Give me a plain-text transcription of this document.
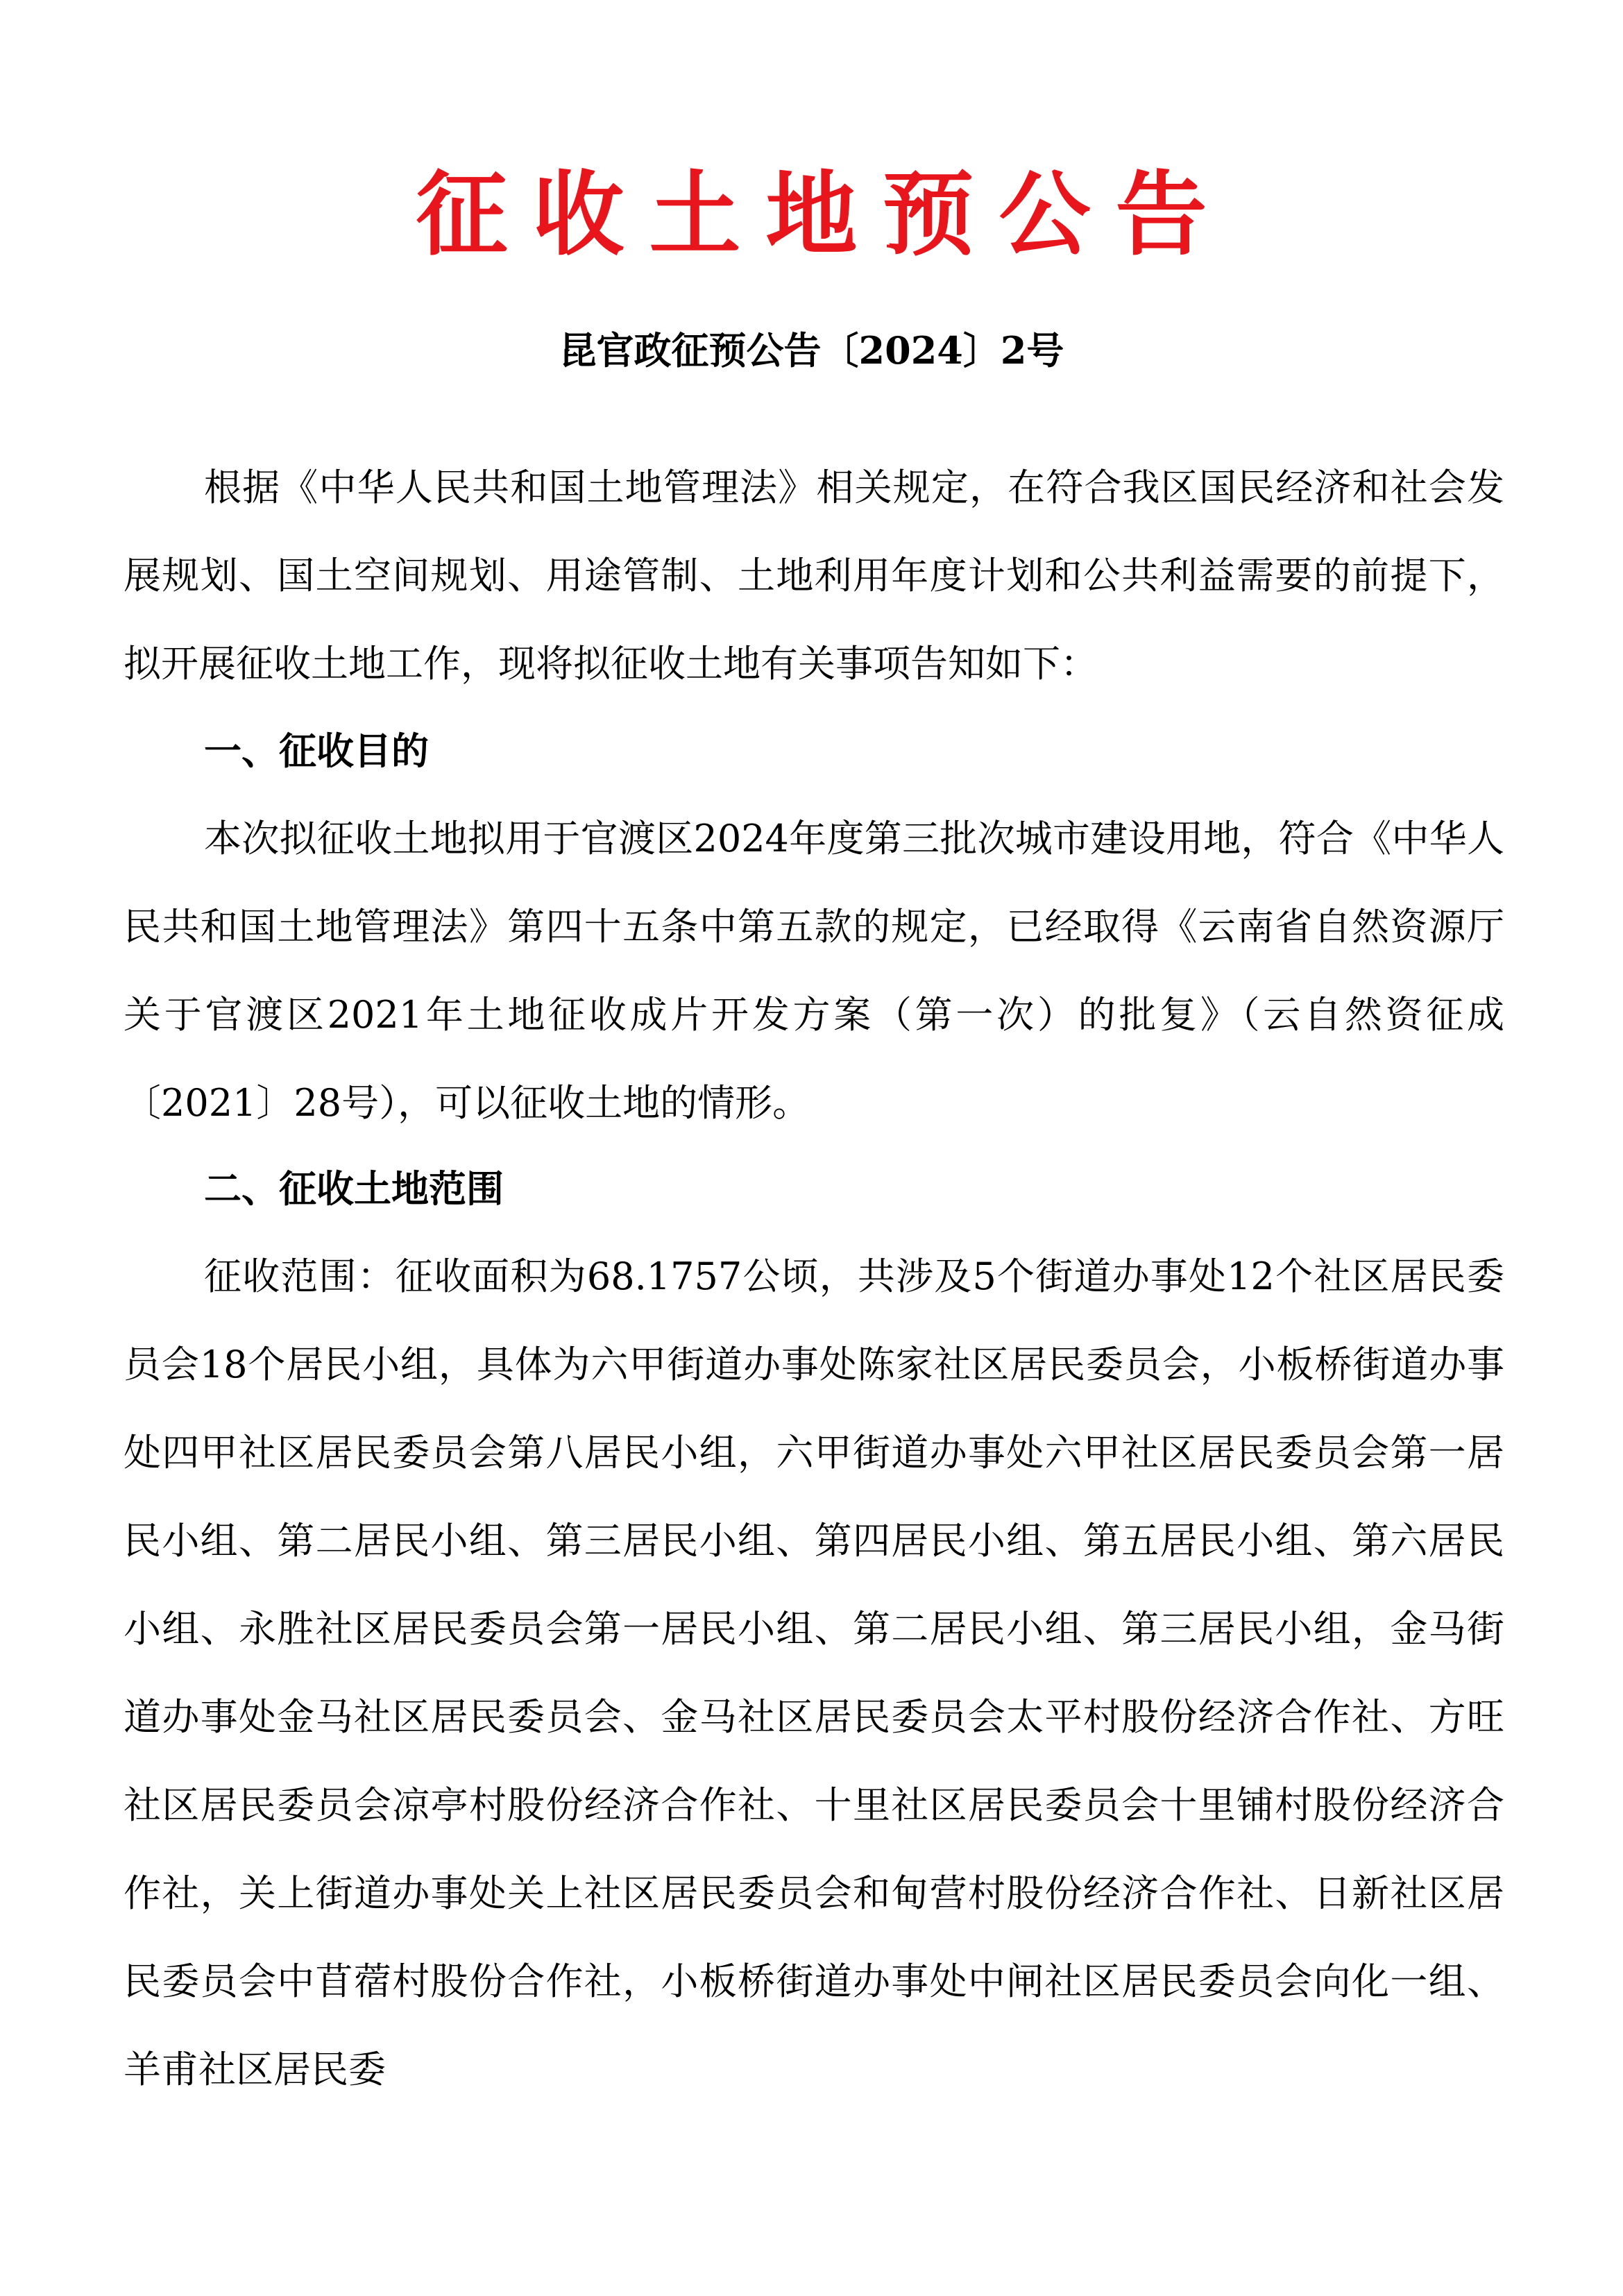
征收土地预公告
昆官政征预公告〔2024〕2号

根据《中华人民共和国土地管理法》相关规定，在符合我区国民经济和社会发展规划、国土空间规划、用途管制、土地利用年度计划和公共利益需要的前提下，拟开展征收土地工作，现将拟征收土地有关事项告知如下：

一、征收目的

本次拟征收土地拟用于官渡区2024年度第三批次城市建设用地，符合《中华人民共和国土地管理法》第四十五条中第五款的规定，已经取得《云南省自然资源厅关于官渡区2021年土地征收成片开发方案（第一次）的批复》（云自然资征成〔2021〕28号），可以征收土地的情形。

二、征收土地范围

征收范围：征收面积为68.1757公顷，共涉及5个街道办事处12个社区居民委员会18个居民小组，具体为六甲街道办事处陈家社区居民委员会，小板桥街道办事处四甲社区居民委员会第八居民小组，六甲街道办事处六甲社区居民委员会第一居民小组、第二居民小组、第三居民小组、第四居民小组、第五居民小组、第六居民小组、永胜社区居民委员会第一居民小组、第二居民小组、第三居民小组，金马街道办事处金马社区居民委员会、金马社区居民委员会太平村股份经济合作社、方旺社区居民委员会凉亭村股份经济合作社、十里社区居民委员会十里铺村股份经济合作社，关上街道办事处关上社区居民委员会和甸营村股份经济合作社、日新社区居民委员会中苜蓿村股份合作社，小板桥街道办事处中闸社区居民委员会向化一组、羊甫社区居民委
